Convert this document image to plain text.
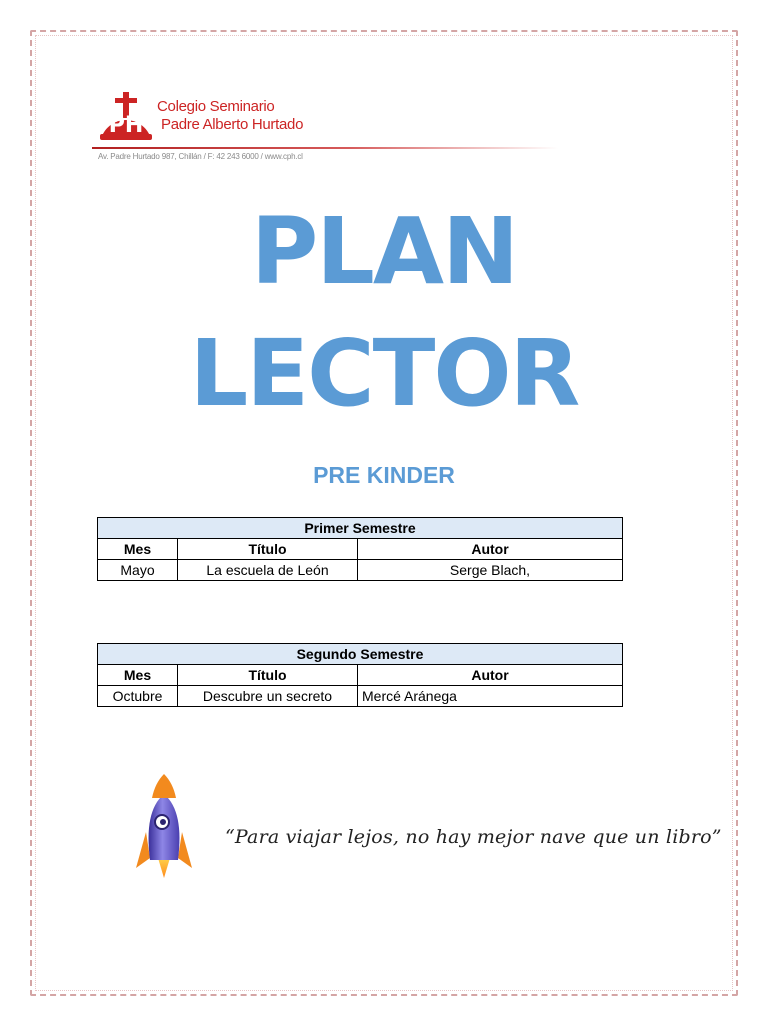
PH
Colegio Seminario
Padre Alberto Hurtado
Av. Padre Hurtado 987, Chillán / F: 42 243 6000 / www.cph.cl
PLAN
LECTOR
PRE KINDER
Primer Semestre		
Mes	Título	Autor
Mayo	La escuela de León	Serge Blach,
Segundo Semestre		
Mes	Título	Autor
Octubre	Descubre un secreto	Mercé Aránega
“Para viajar lejos, no hay mejor nave que un libro”
